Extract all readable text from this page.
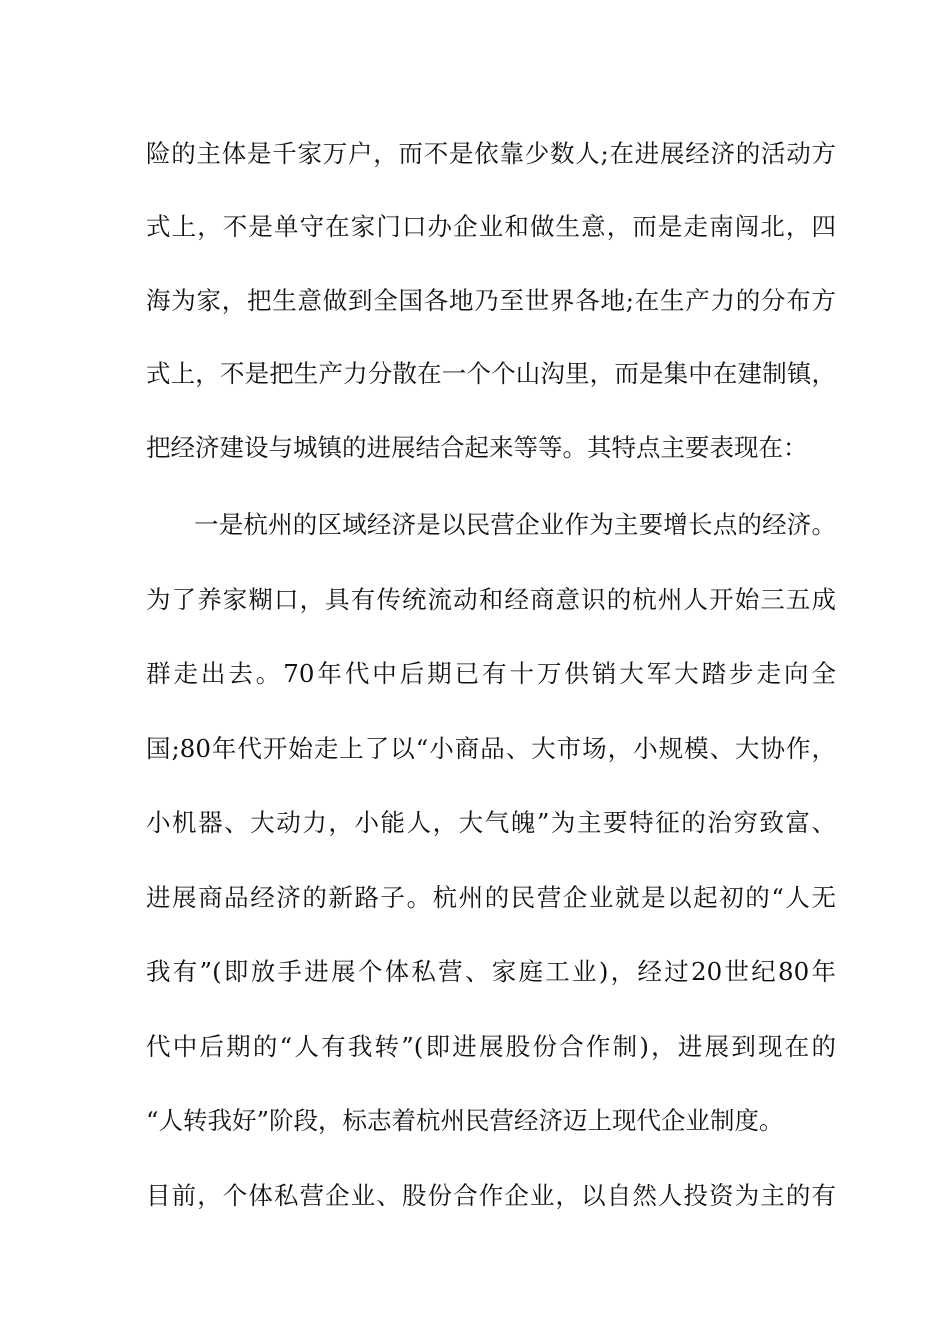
险的主体是千家万户，而不是依靠少数人;在进展经济的活动方
式上，不是单守在家门口办企业和做生意，而是走南闯北，四
海为家，把生意做到全国各地乃至世界各地;在生产力的分布方
式上，不是把生产力分散在一个个山沟里，而是集中在建制镇，
把经济建设与城镇的进展结合起来等等。其特点主要表现在：
一是杭州的区域经济是以民营企业作为主要增长点的经济。
为了养家糊口，具有传统流动和经商意识的杭州人开始三五成
群走出去。70年代中后期已有十万供销大军大踏步走向全
国;80年代开始走上了以“小商品、大市场，小规模、大协作，
小机器、大动力，小能人，大气魄”为主要特征的治穷致富、
进展商品经济的新路子。杭州的民营企业就是以起初的“人无
我有”(即放手进展个体私营、家庭工业)，经过20世纪80年
代中后期的“人有我转”(即进展股份合作制)，进展到现在的
“人转我好”阶段，标志着杭州民营经济迈上现代企业制度。
目前，个体私营企业、股份合作企业，以自然人投资为主的有
